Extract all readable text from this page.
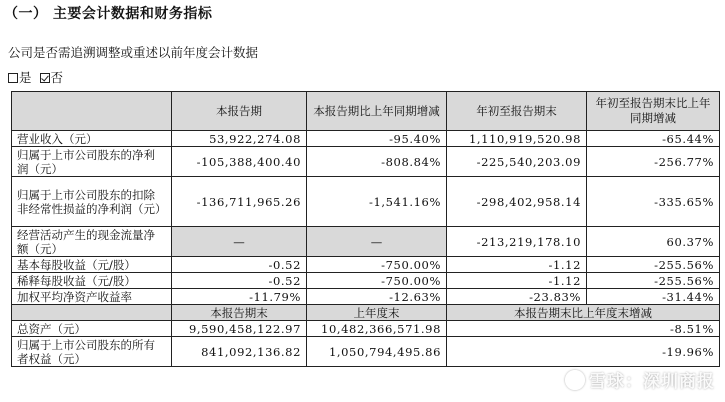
（一） 主要会计数据和财务指标
公司是否需追溯调整或重述以前年度会计数据
是 否
	本报告期	本报告期比上年同期增减	年初至报告期末	年初至报告期末比上年同期增减
营业收入（元）	53,922,274.08	-95.40%	1,110,919,520.98	-65.44%
归属于上市公司股东的净利润（元）	-105,388,400.40	-808.84%	-225,540,203.09	-256.77%
归属于上市公司股东的扣除非经常性损益的净利润（元）	-136,711,965.26	-1,541.16%	-298,402,958.14	-335.65%
经营活动产生的现金流量净额（元）	—	—	-213,219,178.10	60.37%
基本每股收益（元/股）	-0.52	-750.00%	-1.12	-255.56%
稀释每股收益（元/股）	-0.52	-750.00%	-1.12	-255.56%
加权平均净资产收益率	-11.79%	-12.63%	-23.83%	-31.44%
	本报告期末	上年度末	本报告期末比上年度末增减	
总资产（元）	9,590,458,122.97	10,482,366,571.98	-8.51%	
归属于上市公司股东的所有者权益（元）	841,092,136.82	1,050,794,495.86	-19.96%	
雪球：深圳商报
